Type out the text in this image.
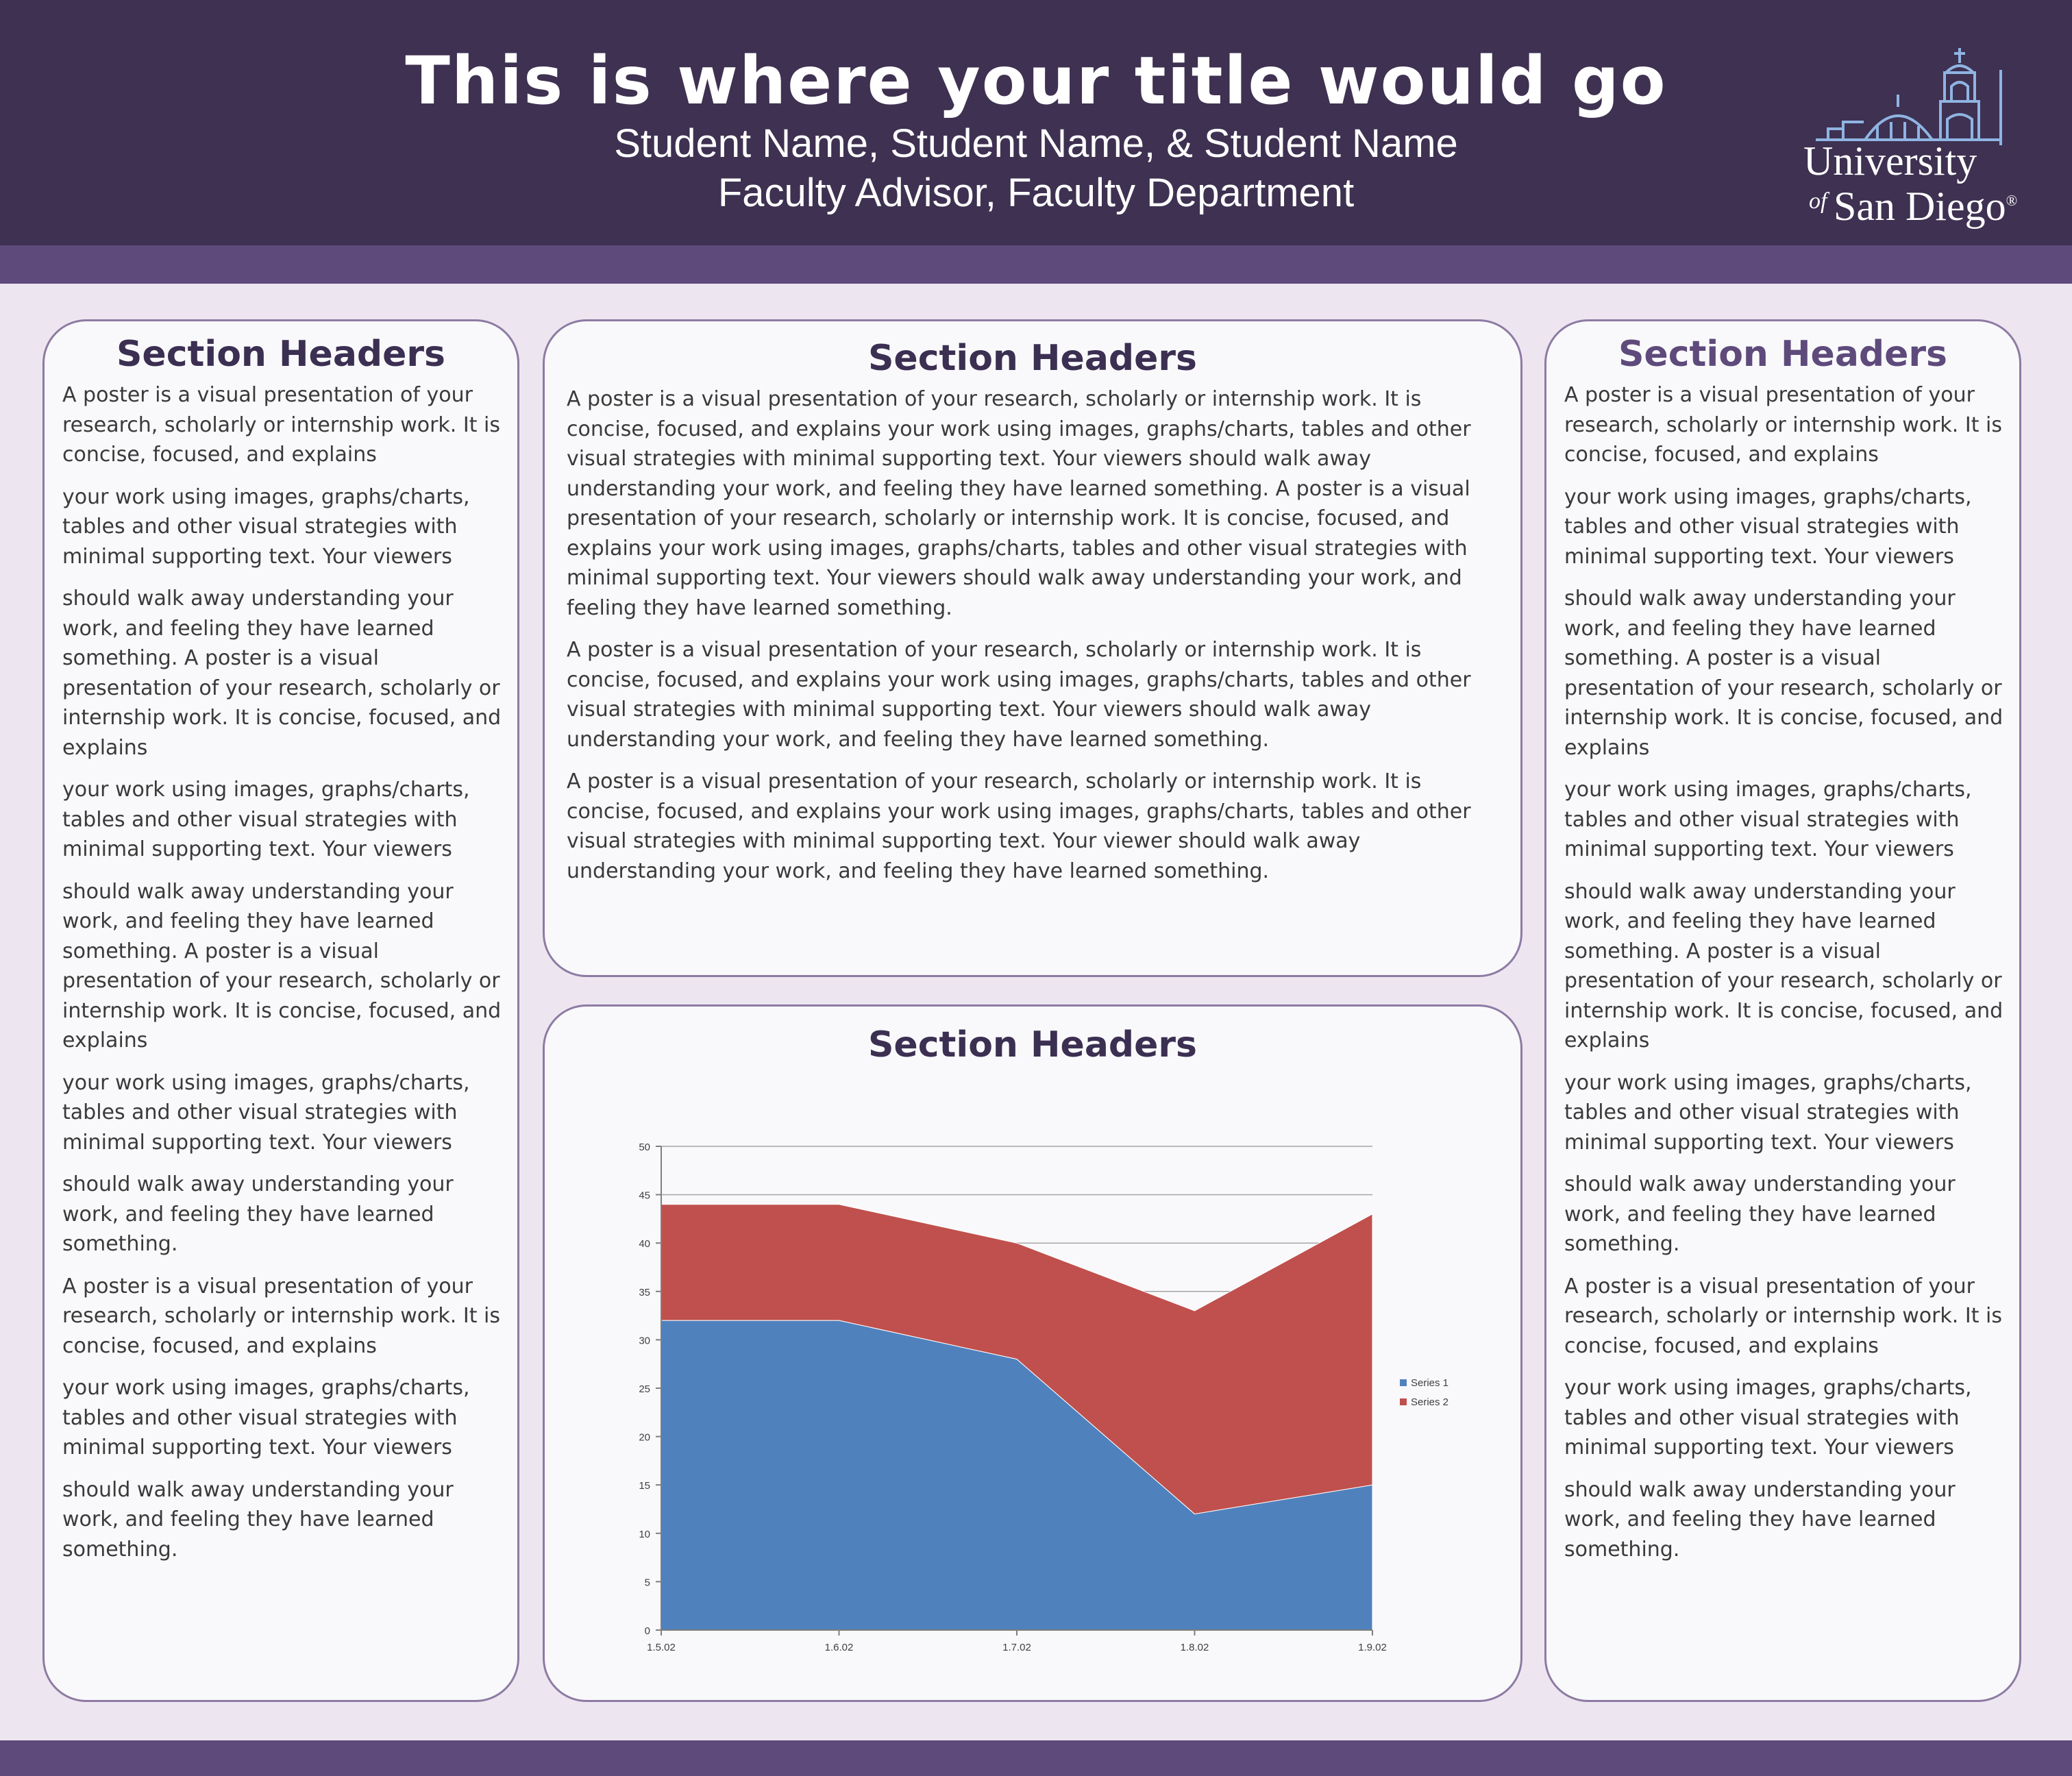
This is where your title would go
Student Name, Student Name, & Student Name
Faculty Advisor, Faculty Department
University
of San Diego®
Section Headers

A poster is a visual presentation of your research, scholarly or internship work. It is concise, focused, and explains

your work using images, graphs/charts, tables and other visual strategies with minimal supporting text. Your viewers

should walk away understanding your work, and feeling they have learned something. A poster is a visual presentation of your research, scholarly or internship work. It is concise, focused, and explains

your work using images, graphs/charts, tables and other visual strategies with minimal supporting text. Your viewers

should walk away understanding your work, and feeling they have learned something. A poster is a visual presentation of your research, scholarly or internship work. It is concise, focused, and explains

your work using images, graphs/charts, tables and other visual strategies with minimal supporting text. Your viewers

should walk away understanding your work, and feeling they have learned something.

A poster is a visual presentation of your research, scholarly or internship work. It is concise, focused, and explains

your work using images, graphs/charts, tables and other visual strategies with minimal supporting text. Your viewers

should walk away understanding your work, and feeling they have learned something.

Section Headers

A poster is a visual presentation of your research, scholarly or internship work. It is concise, focused, and explains your work using images, graphs/charts, tables and other visual strategies with minimal supporting text. Your viewers should walk away understanding your work, and feeling they have learned something. A poster is a visual presentation of your research, scholarly or internship work. It is concise, focused, and explains your work using images, graphs/charts, tables and other visual strategies with minimal supporting text. Your viewers should walk away understanding your work, and feeling they have learned something.

A poster is a visual presentation of your research, scholarly or internship work. It is concise, focused, and explains your work using images, graphs/charts, tables and other visual strategies with minimal supporting text. Your viewers should walk away understanding your work, and feeling they have learned something.

A poster is a visual presentation of your research, scholarly or internship work. It is concise, focused, and explains your work using images, graphs/charts, tables and other visual strategies with minimal supporting text. Your viewer should walk away understanding your work, and feeling they have learned something.

Section Headers
0
5
10
15
20
25
30
35
40
45
50
1.5.02	1.6.02	1.7.02	1.8.02	1.9.02
Series 1
Series 2
Section Headers

A poster is a visual presentation of your research, scholarly or internship work. It is concise, focused, and explains

your work using images, graphs/charts, tables and other visual strategies with minimal supporting text. Your viewers

should walk away understanding your work, and feeling they have learned something. A poster is a visual presentation of your research, scholarly or internship work. It is concise, focused, and explains

your work using images, graphs/charts, tables and other visual strategies with minimal supporting text. Your viewers

should walk away understanding your work, and feeling they have learned something. A poster is a visual presentation of your research, scholarly or internship work. It is concise, focused, and explains

your work using images, graphs/charts, tables and other visual strategies with minimal supporting text. Your viewers

should walk away understanding your work, and feeling they have learned something.

A poster is a visual presentation of your research, scholarly or internship work. It is concise, focused, and explains

your work using images, graphs/charts, tables and other visual strategies with minimal supporting text. Your viewers

should walk away understanding your work, and feeling they have learned something.
